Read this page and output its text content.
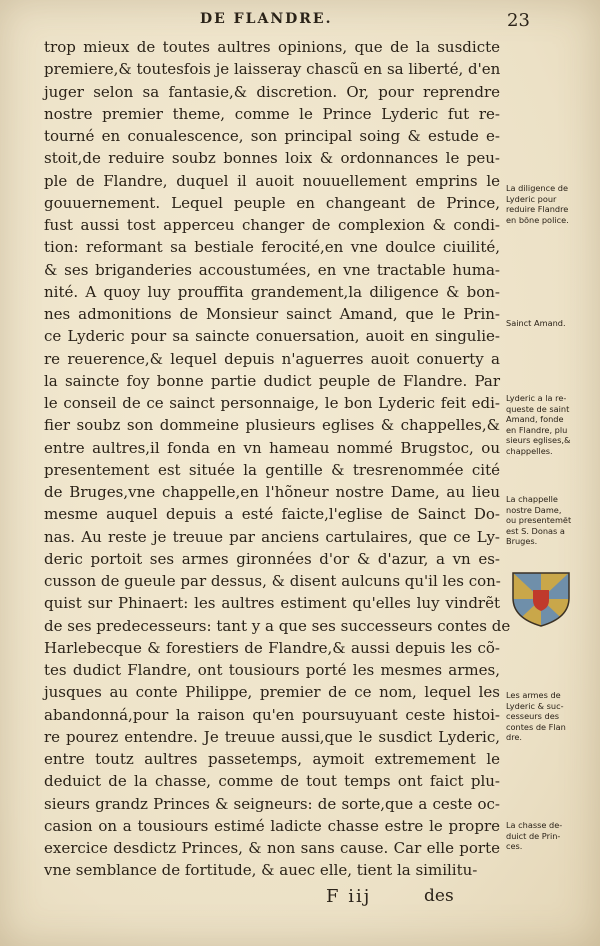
DE FLANDRE.	23
trop mieux de toutes aultres opinions, que de la susdicte
premiere,& toutesfois je laisseray chascũ en sa liberté, d'en
juger selon sa fantasie,& discretion. Or, pour reprendre
nostre premier theme, comme le Prince Lyderic fut re-
tourné en conualescence, son principal soing & estude e-
stoit,de reduire soubz bonnes loix & ordonnances le peu-
ple de Flandre, duquel il auoit nouuellement emprins le
gouuernement. Lequel peuple en changeant de Prince,
fust aussi tost apperceu changer de complexion & condi-
tion: reformant sa bestiale ferocité,en vne doulce ciuilité,
& ses briganderies accoustumées, en vne tractable huma-
nité. A quoy luy prouffita grandement,la diligence & bon-
nes admonitions de Monsieur sainct Amand, que le Prin-
ce Lyderic pour sa saincte conuersation, auoit en singulie-
re reuerence,& lequel depuis n'aguerres auoit conuerty a
la saincte foy bonne partie dudict peuple de Flandre. Par
le conseil de ce sainct personnaige, le bon Lyderic feit edi-
fier soubz son dommeine plusieurs eglises & chappelles,&
entre aultres,il fonda en vn hameau nommé Brugstoc, ou
presentement est située la gentille & tresrenommée cité
de Bruges,vne chappelle,en l'hõneur nostre Dame, au lieu
mesme auquel depuis a esté faicte,l'eglise de Sainct Do-
nas. Au reste je treuue par anciens cartulaires, que ce Ly-
deric portoit ses armes gironnées d'or & d'azur, a vn es-
cusson de gueule par dessus, & disent aulcuns qu'il les con-
quist sur Phinaert: les aultres estiment qu'elles luy vindrẽt
de ses predecesseurs: tant y a que ses successeurs contes de
Harlebecque & forestiers de Flandre,& aussi depuis les cõ-
tes dudict Flandre, ont tousiours porté les mesmes armes,
jusques au conte Philippe, premier de ce nom, lequel les
abandonná,pour la raison qu'en poursuyuant ceste histoi-
re pourez entendre. Je treuue aussi,que le susdict Lyderic,
entre toutz aultres passetemps, aymoit extremement le
deduict de la chasse, comme de tout temps ont faict plu-
sieurs grandz Princes & seigneurs: de sorte,que a ceste oc-
casion on a tousiours estimé ladicte chasse estre le propre
exercice desdictz Princes, & non sans cause. Car elle porte
vne semblance de fortitude, & auec elle, tient la similitu-
La diligence de
Lyderic pour
reduire Flandre
en bõne police.
Sainct Amand.
Lyderic a la re-
queste de saint
Amand, fonde
en Flandre, plu
sieurs eglises,&
chappelles.
La chappelle
nostre Dame,
ou presentemẽt
est S. Donas a
Bruges.
Les armes de
Lyderic & suc-
cesseurs des
contes de Flan
dre.
La chasse de-
duict de Prin-
ces.
F iij	des
